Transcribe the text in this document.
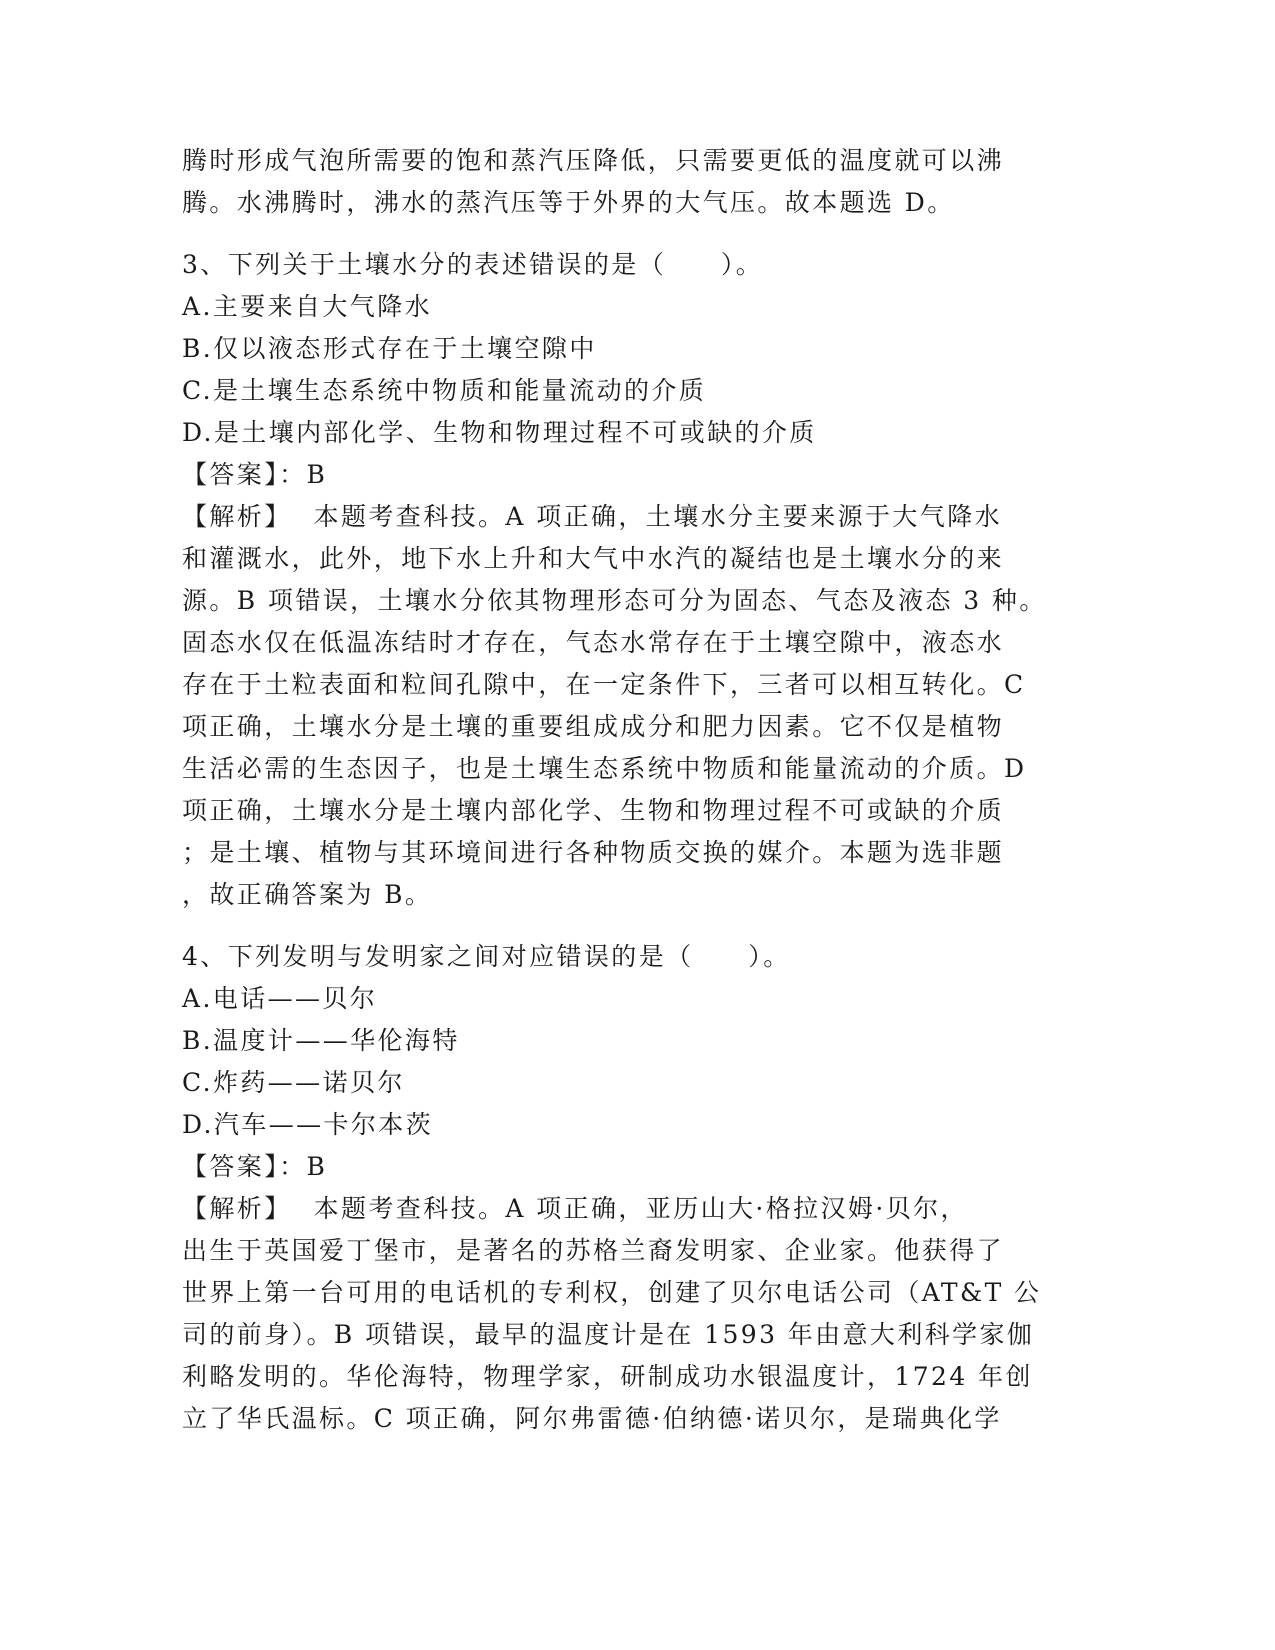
腾时形成气泡所需要的饱和蒸汽压降低，只需要更低的温度就可以沸
腾。水沸腾时，沸水的蒸汽压等于外界的大气压。故本题选 D。
3、下列关于土壤水分的表述错误的是（　　）。
A.主要来自大气降水
B.仅以液态形式存在于土壤空隙中
C.是土壤生态系统中物质和能量流动的介质
D.是土壤内部化学、生物和物理过程不可或缺的介质
【答案】：B
【解析】 本题考查科技。A 项正确，土壤水分主要来源于大气降水
和灌溉水，此外，地下水上升和大气中水汽的凝结也是土壤水分的来
源。B 项错误，土壤水分依其物理形态可分为固态、气态及液态 3 种。
固态水仅在低温冻结时才存在，气态水常存在于土壤空隙中，液态水
存在于土粒表面和粒间孔隙中，在一定条件下，三者可以相互转化。C
项正确，土壤水分是土壤的重要组成成分和肥力因素。它不仅是植物
生活必需的生态因子，也是土壤生态系统中物质和能量流动的介质。D
项正确，土壤水分是土壤内部化学、生物和物理过程不可或缺的介质
；是土壤、植物与其环境间进行各种物质交换的媒介。本题为选非题
，故正确答案为 B。
4、下列发明与发明家之间对应错误的是（　　）。
A.电话——贝尔
B.温度计——华伦海特
C.炸药——诺贝尔
D.汽车——卡尔本茨
【答案】：B
【解析】 本题考查科技。A 项正确，亚历山大·格拉汉姆·贝尔，
出生于英国爱丁堡市，是著名的苏格兰裔发明家、企业家。他获得了
世界上第一台可用的电话机的专利权，创建了贝尔电话公司（AT&T 公
司的前身）。B 项错误，最早的温度计是在 1593 年由意大利科学家伽
利略发明的。华伦海特，物理学家，研制成功水银温度计，1724 年创
立了华氏温标。C 项正确，阿尔弗雷德·伯纳德·诺贝尔，是瑞典化学
